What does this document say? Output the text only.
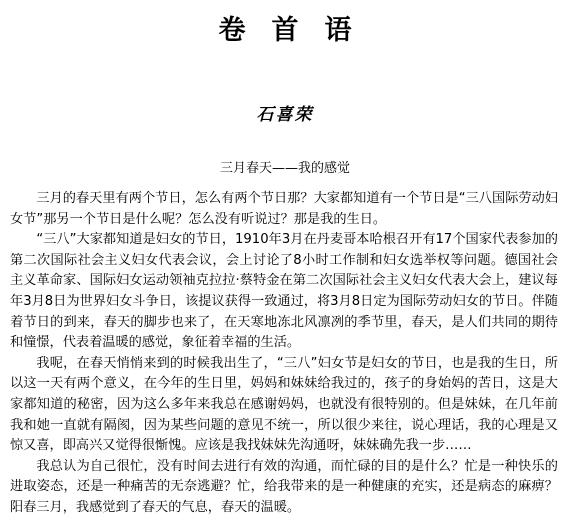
卷首语
石喜荣
三月春天——我的感觉

三月的春天里有两个节日，怎么有两个节日那？大家都知道有一个节日是“三八国际劳动妇女节”那另一个节日是什么呢？怎么没有听说过？那是我的生日。

“三八”大家都知道是妇女的节日，1910年3月在丹麦哥本哈根召开有17个国家代表参加的第二次国际社会主义妇女代表会议，会上讨论了8小时工作制和妇女选举权等问题。德国社会主义革命家、国际妇女运动领袖克拉拉·蔡特金在第二次国际社会主义妇女代表大会上，建议每年3月8日为世界妇女斗争日，该提议获得一致通过，将3月8日定为国际劳动妇女的节日。伴随着节日的到来，春天的脚步也来了，在天寒地冻北风凛冽的季节里，春天，是人们共同的期待和憧憬，代表着温暖的感觉，象征着幸福的生活。

我呢，在春天悄悄来到的时候我出生了，“三八”妇女节是妇女的节日，也是我的生日，所以这一天有两个意义，在今年的生日里，妈妈和妹妹给我过的，孩子的身始妈的苦日，这是大家都知道的秘密，因为这么多年来我总在感谢妈妈，也就没有很特别的。但是妹妹，在几年前我和她一直就有隔阂，因为某些问题的意见不统一，所以很少来往，说心理话，我的心理是又惊又喜，即高兴又觉得很惭愧。应该是我找妹妹先沟通呀，妹妹确先我一步……

我总认为自己很忙，没有时间去进行有效的沟通，而忙碌的目的是什么？忙是一种快乐的进取姿态，还是一种痛苦的无奈逃避？忙，给我带来的是一种健康的充实，还是病态的麻痹？阳春三月，我感觉到了春天的气息，春天的温暖。
